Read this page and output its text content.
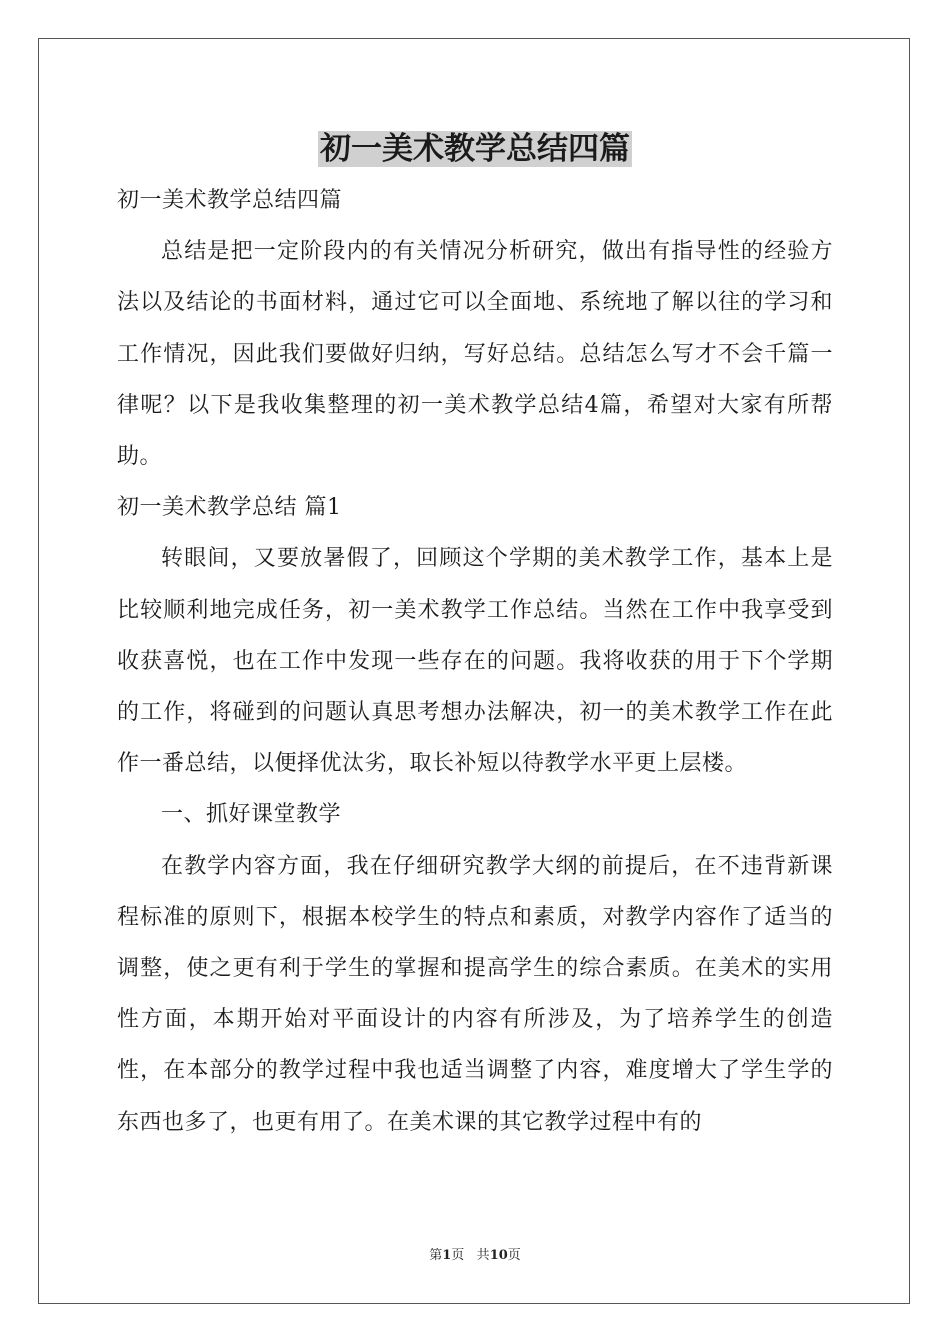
初一美术教学总结四篇

初一美术教学总结四篇

总结是把一定阶段内的有关情况分析研究，做出有指导性的经验方法以及结论的书面材料，通过它可以全面地、系统地了解以往的学习和工作情况，因此我们要做好归纳，写好总结。总结怎么写才不会千篇一律呢？以下是我收集整理的初一美术教学总结4篇，希望对大家有所帮助。

初一美术教学总结 篇1

转眼间，又要放暑假了，回顾这个学期的美术教学工作，基本上是比较顺利地完成任务，初一美术教学工作总结。当然在工作中我享受到收获喜悦，也在工作中发现一些存在的问题。我将收获的用于下个学期的工作，将碰到的问题认真思考想办法解决，初一的美术教学工作在此作一番总结，以便择优汰劣，取长补短以待教学水平更上层楼。

一、抓好课堂教学

在教学内容方面，我在仔细研究教学大纲的前提后，在不违背新课程标准的原则下，根据本校学生的特点和素质，对教学内容作了适当的调整，使之更有利于学生的掌握和提高学生的综合素质。在美术的实用性方面，本期开始对平面设计的内容有所涉及，为了培养学生的创造性，在本部分的教学过程中我也适当调整了内容，难度增大了学生学的东西也多了，也更有用了。在美术课的其它教学过程中有的

第1页 共10页
